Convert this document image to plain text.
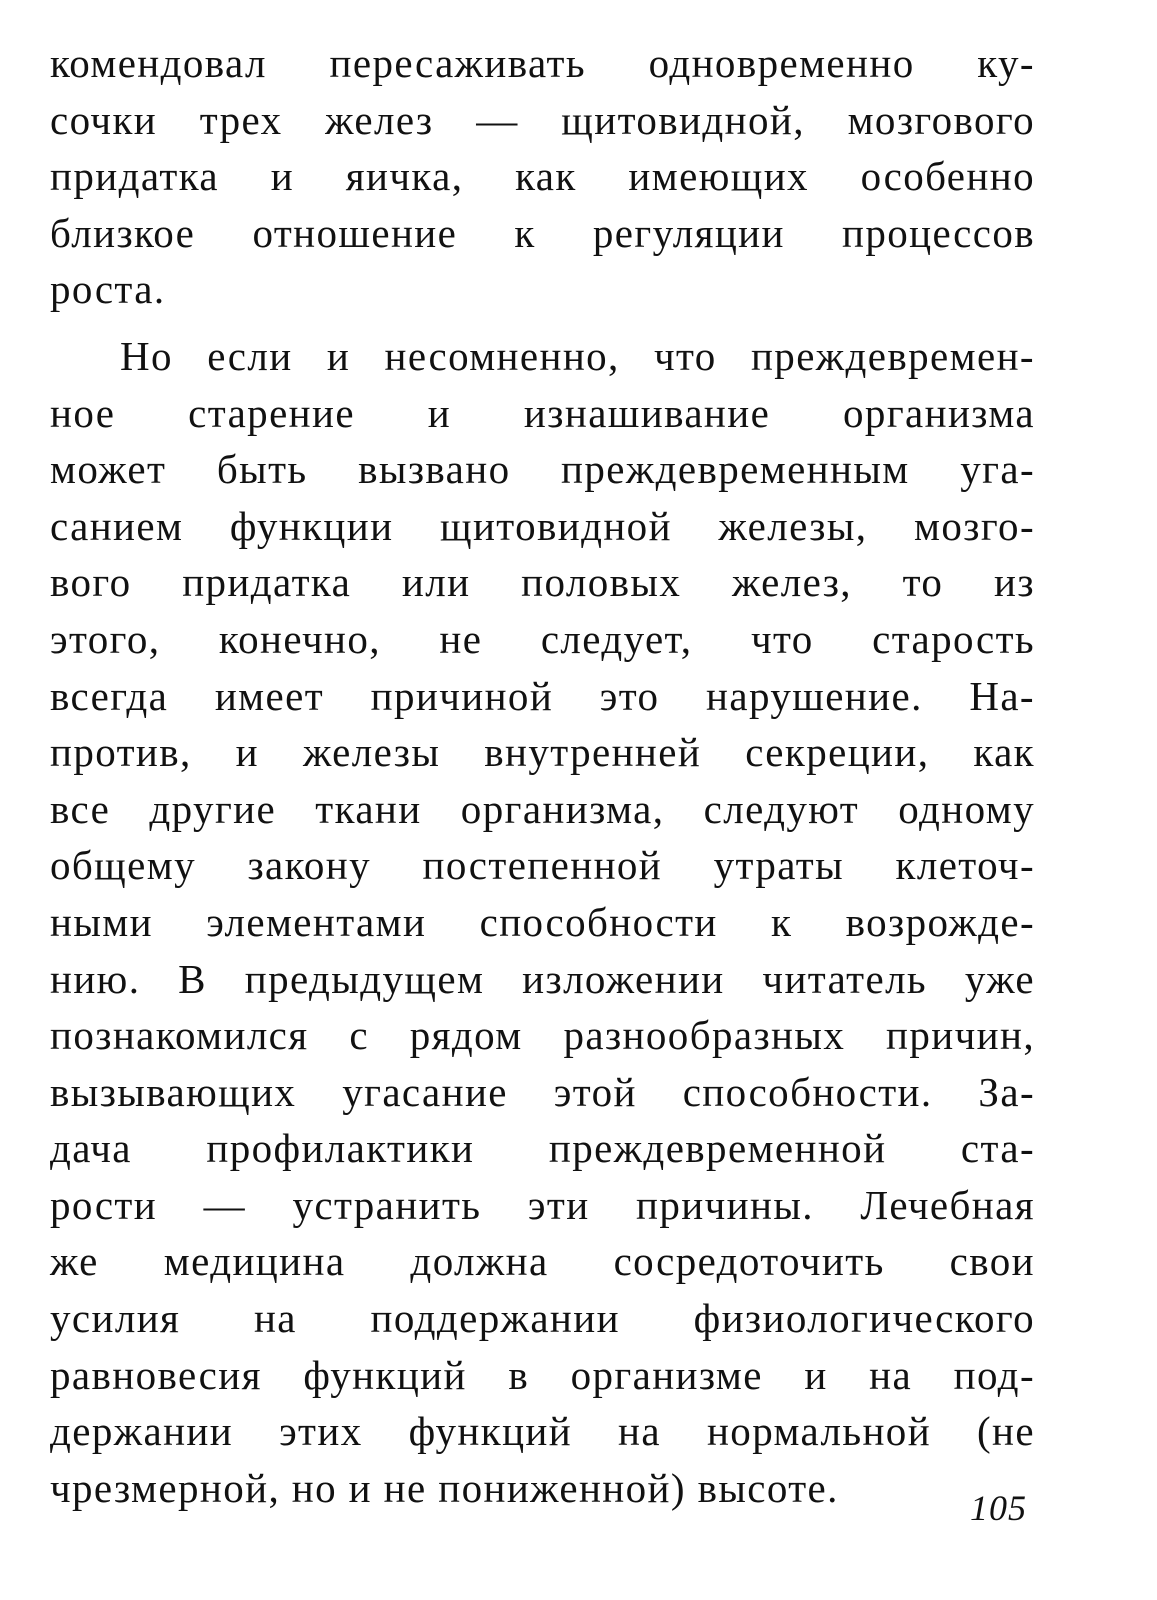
комендовал пересаживать одновременно ку-
сочки трех желез — щитовидной, мозгового
придатка и яичка, как имеющих особенно
близкое отношение к регуляции процессов
роста.
Но если и несомненно, что преждевремен-
ное старение и изнашивание организма
может быть вызвано преждевременным уга-
санием функции щитовидной железы, мозго-
вого придатка или половых желез, то из
этого, конечно, не следует, что старость
всегда имеет причиной это нарушение. На-
против, и железы внутренней секреции, как
все другие ткани организма, следуют одному
общему закону постепенной утраты клеточ-
ными элементами способности к возрожде-
нию. В предыдущем изложении читатель уже
познакомился с рядом разнообразных причин,
вызывающих угасание этой способности. За-
дача профилактики преждевременной ста-
рости — устранить эти причины. Лечебная
же медицина должна сосредоточить свои
усилия на поддержании физиологического
равновесия функций в организме и на под-
держании этих функций на нормальной (не
чрезмерной, но и не пониженной) высоте.	105
